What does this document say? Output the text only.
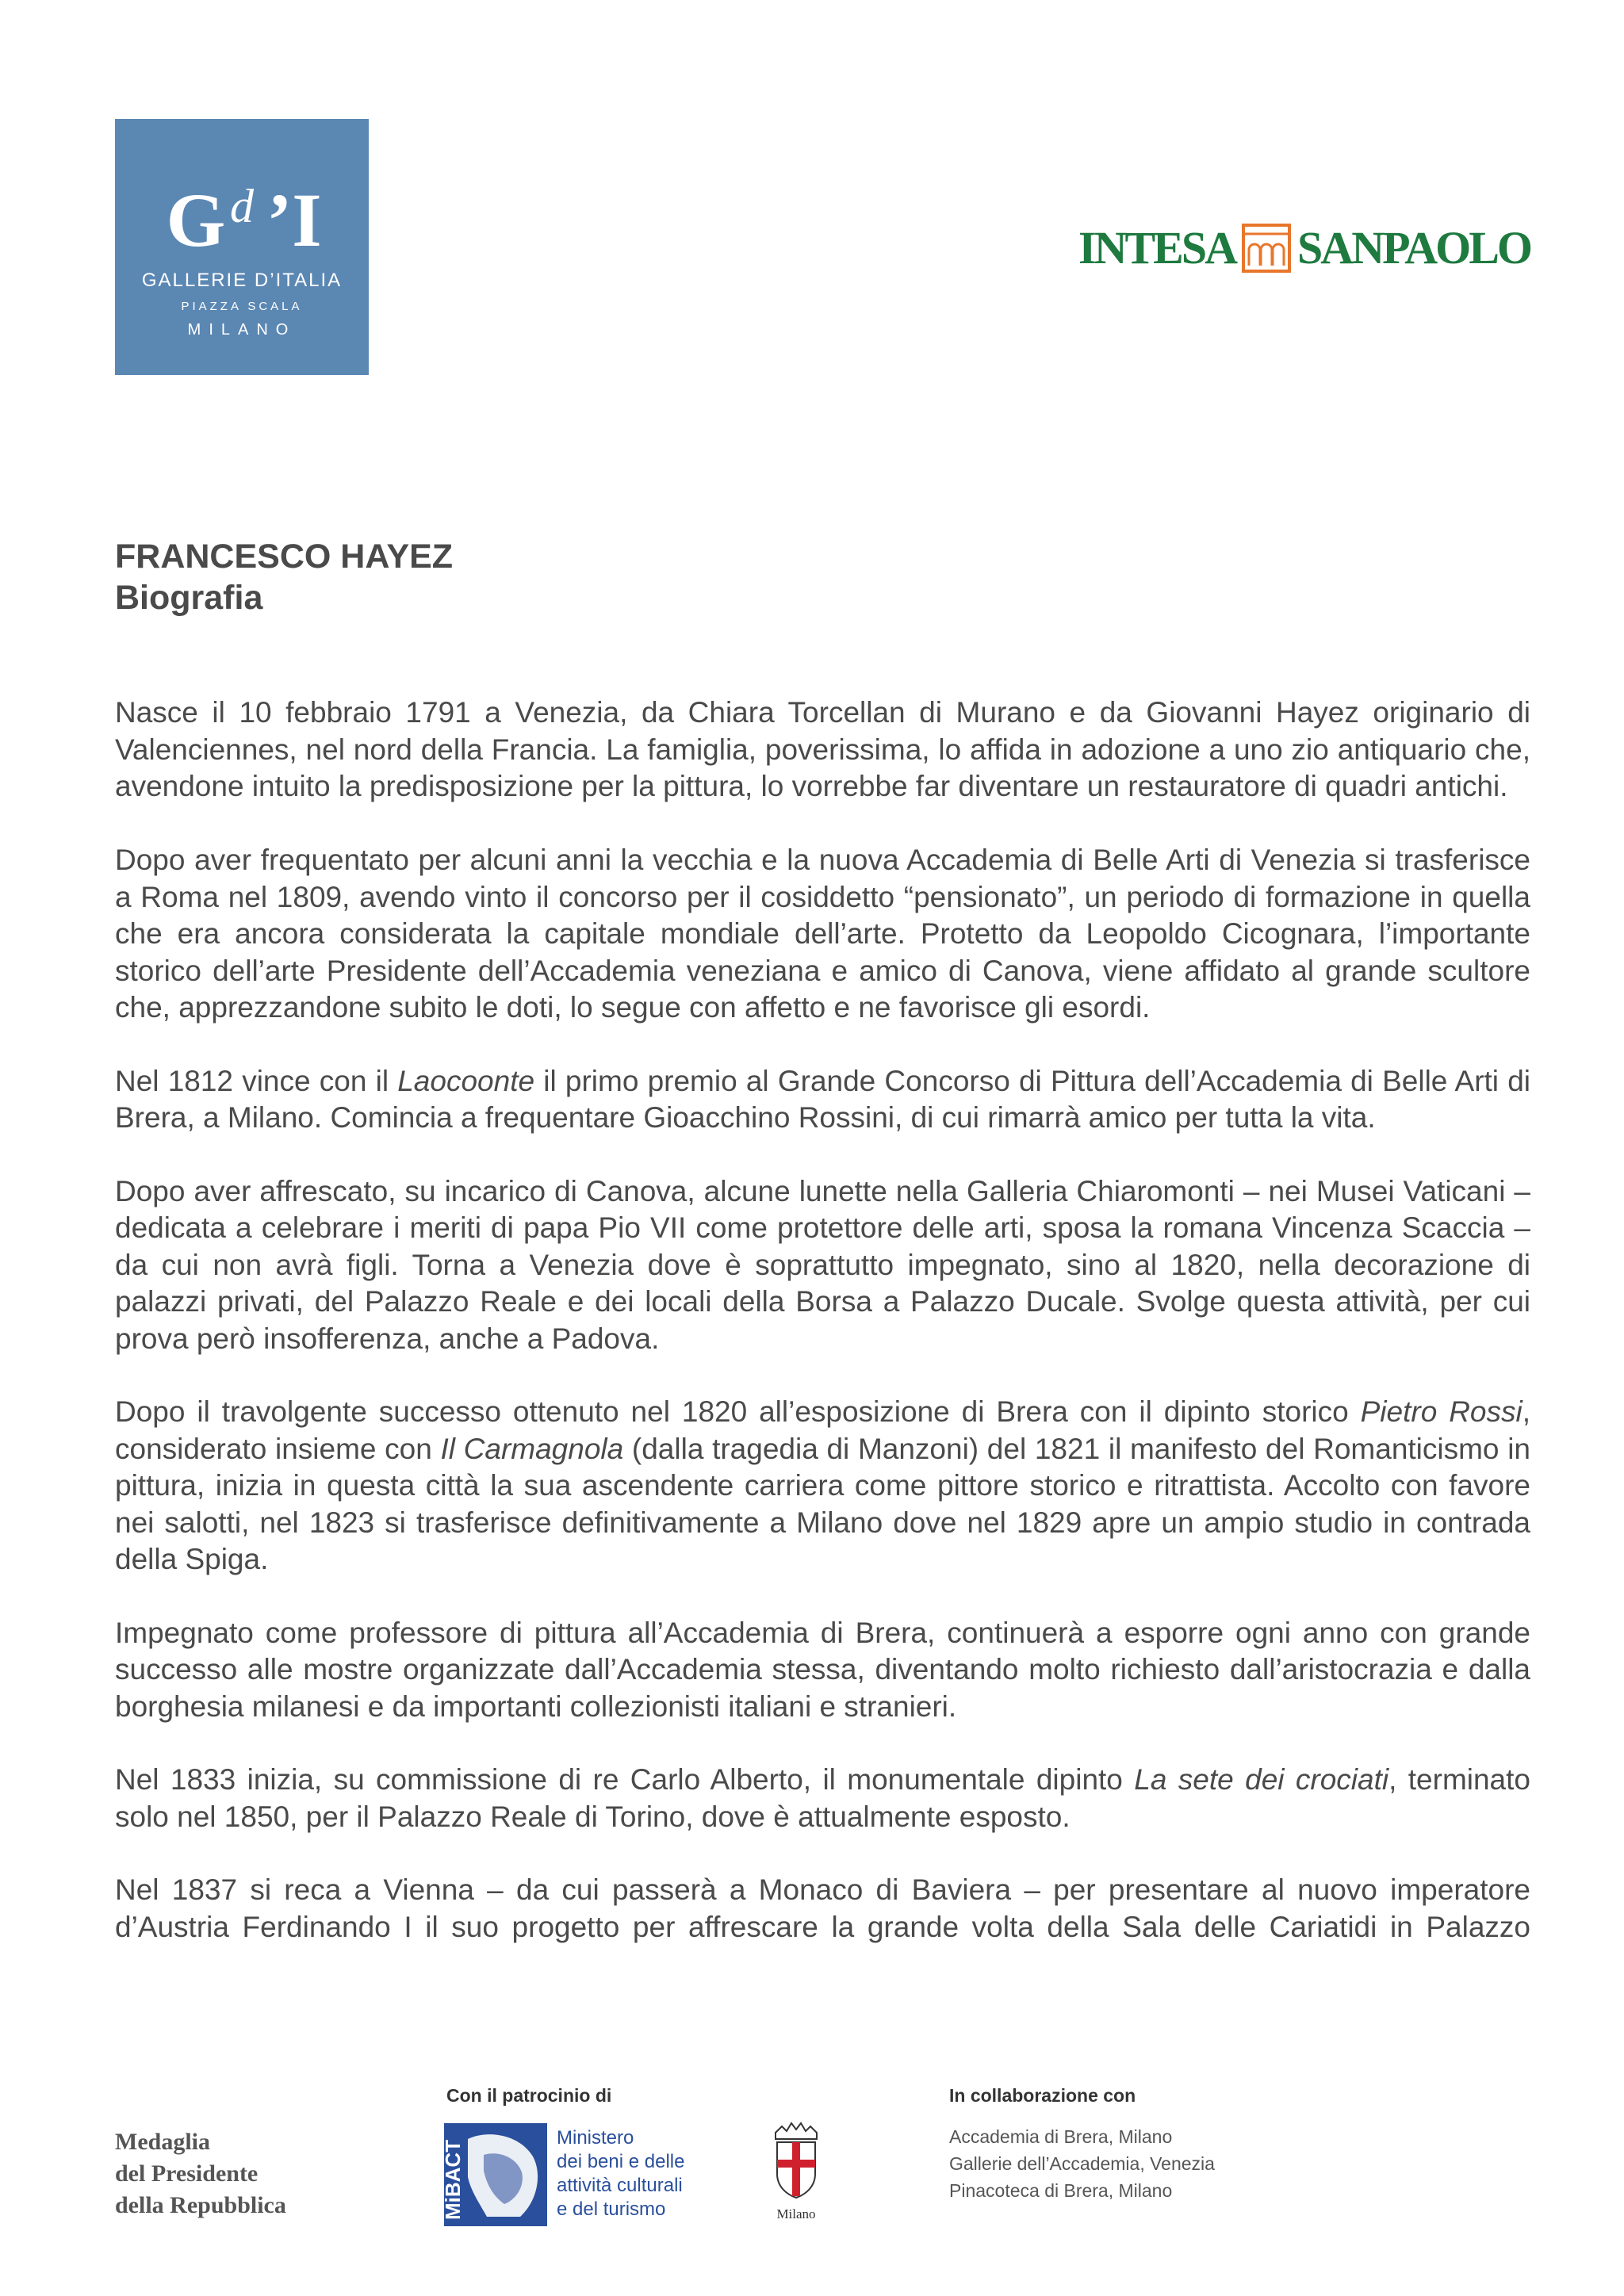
G d ’I
GALLERIE D’ITALIA
PIAZZA SCALA
MILANO
INTESA SANPAOLO
FRANCESCO HAYEZ
Biografia

Nasce il 10 febbraio 1791 a Venezia, da Chiara Torcellan di Murano e da Giovanni Hayez originario di Valenciennes, nel nord della Francia. La famiglia, poverissima, lo affida in adozione a uno zio antiquario che, avendone intuito la predisposizione per la pittura, lo vorrebbe far diventare un restauratore di quadri antichi.

Dopo aver frequentato per alcuni anni la vecchia e la nuova Accademia di Belle Arti di Venezia si trasferisce a Roma nel 1809, avendo vinto il concorso per il cosiddetto “pensionato”, un periodo di formazione in quella che era ancora considerata la capitale mondiale dell’arte. Protetto da Leopoldo Cicognara, l’importante storico dell’arte Presidente dell’Accademia veneziana e amico di Canova, viene affidato al grande scultore che, apprezzandone subito le doti, lo segue con affetto e ne favorisce gli esordi.

Nel 1812 vince con il Laocoonte il primo premio al Grande Concorso di Pittura dell’Accademia di Belle Arti di Brera, a Milano. Comincia a frequentare Gioacchino Rossini, di cui rimarrà amico per tutta la vita.

Dopo aver affrescato, su incarico di Canova, alcune lunette nella Galleria Chiaromonti – nei Musei Vaticani – dedicata a celebrare i meriti di papa Pio VII come protettore delle arti, sposa la romana Vincenza Scaccia – da cui non avrà figli. Torna a Venezia dove è soprattutto impegnato, sino al 1820, nella decorazione di palazzi privati, del Palazzo Reale e dei locali della Borsa a Palazzo Ducale. Svolge questa attività, per cui prova però insofferenza, anche a Padova.

Dopo il travolgente successo ottenuto nel 1820 all’esposizione di Brera con il dipinto storico Pietro Rossi, considerato insieme con Il Carmagnola (dalla tragedia di Manzoni) del 1821 il manifesto del Romanticismo in pittura, inizia in questa città la sua ascendente carriera come pittore storico e ritrattista. Accolto con favore nei salotti, nel 1823 si trasferisce definitivamente a Milano dove nel 1829 apre un ampio studio in contrada della Spiga.

Impegnato come professore di pittura all’Accademia di Brera, continuerà a esporre ogni anno con grande successo alle mostre organizzate dall’Accademia stessa, diventando molto richiesto dall’aristocrazia e dalla borghesia milanesi e da importanti collezionisti italiani e stranieri.

Nel 1833 inizia, su commissione di re Carlo Alberto, il monumentale dipinto La sete dei crociati, terminato solo nel 1850, per il Palazzo Reale di Torino, dove è attualmente esposto.

Nel 1837 si reca a Vienna – da cui passerà a Monaco di Baviera – per presentare al nuovo imperatore d’Austria Ferdinando I il suo progetto per affrescare la grande volta della Sala delle Cariatidi in Palazzo

Medaglia
del Presidente
della Repubblica
Con il patrocinio di
MiBACT
Ministero
dei beni e delle
attività culturali
e del turismo	Milano
In collaborazione con
Accademia di Brera, Milano
Gallerie dell’Accademia, Venezia
Pinacoteca di Brera, Milano
